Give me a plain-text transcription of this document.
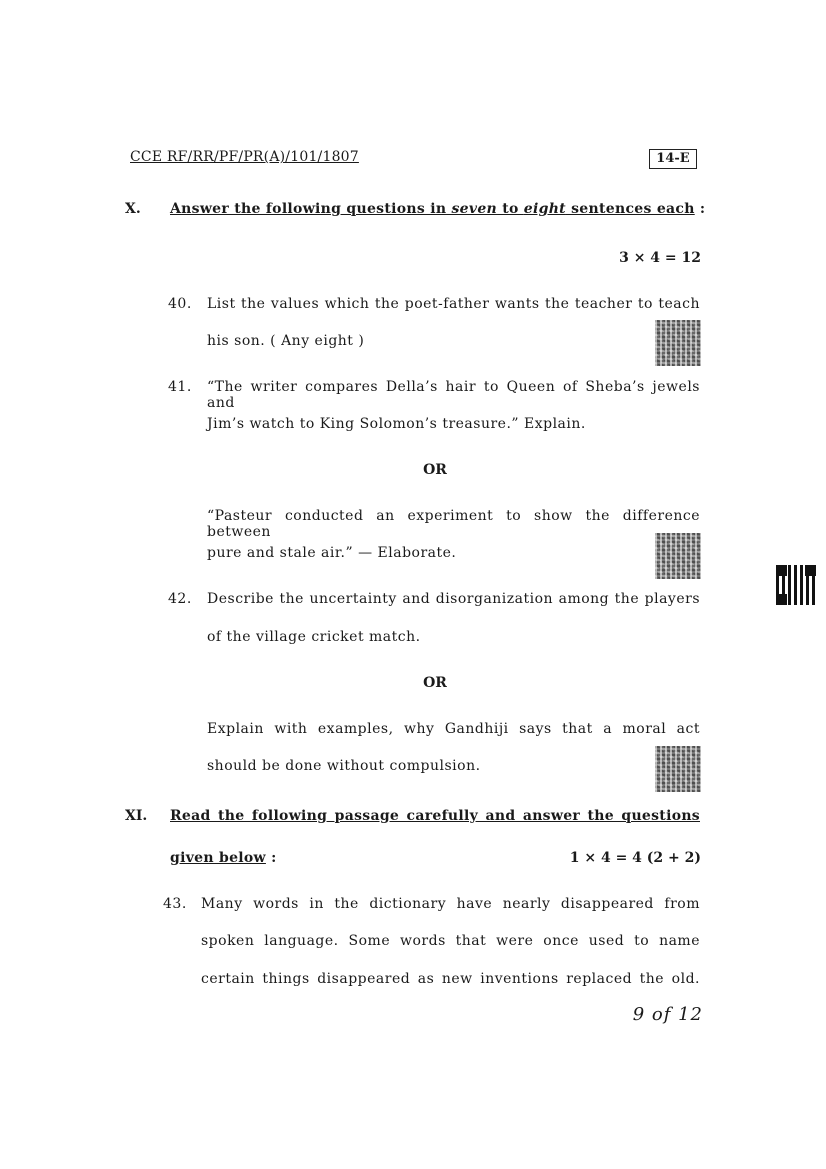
CCE RF/RR/PF/PR(A)/101/1807	14-E
X. Answer the following questions in seven to eight sentences each :
3 × 4 = 12
40. List the values which the poet-father wants the teacher to teach
his son. ( Any eight )
41. “The writer compares Della’s hair to Queen of Sheba’s jewels and
Jim’s watch to King Solomon’s treasure.” Explain.
OR
“Pasteur conducted an experiment to show the difference between
pure and stale air.” — Elaborate.
42. Describe the uncertainty and disorganization among the players
of the village cricket match.
OR
Explain with examples, why Gandhiji says that a moral act
should be done without compulsion.
XI. Read the following passage carefully and answer the questions
given below :	1 × 4 = 4 (2 + 2)
43. Many words in the dictionary have nearly disappeared from
spoken language. Some words that were once used to name
certain things disappeared as new inventions replaced the old.
9 of 12
